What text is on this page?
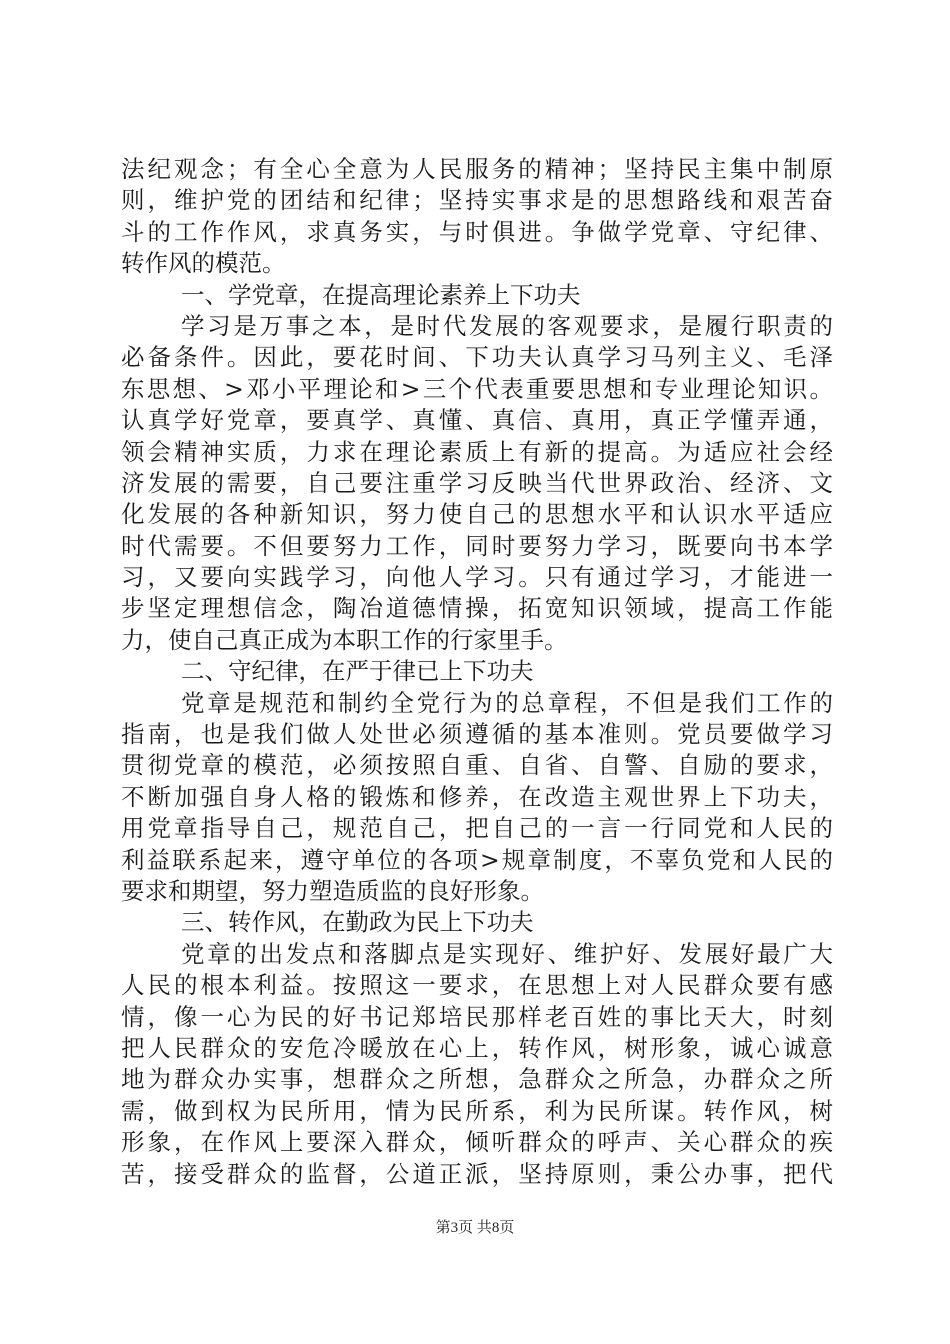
法纪观念；有全心全意为人民服务的精神；坚持民主集中制原
则，维护党的团结和纪律；坚持实事求是的思想路线和艰苦奋
斗的工作作风，求真务实，与时俱进。争做学党章、守纪律、
转作风的模范。
一、学党章，在提高理论素养上下功夫
学习是万事之本，是时代发展的客观要求，是履行职责的
必备条件。因此，要花时间、下功夫认真学习马列主义、毛泽
东思想、>邓小平理论和>三个代表重要思想和专业理论知识。
认真学好党章，要真学、真懂、真信、真用，真正学懂弄通，
领会精神实质，力求在理论素质上有新的提高。为适应社会经
济发展的需要，自己要注重学习反映当代世界政治、经济、文
化发展的各种新知识，努力使自己的思想水平和认识水平适应
时代需要。不但要努力工作，同时要努力学习，既要向书本学
习，又要向实践学习，向他人学习。只有通过学习，才能进一
步坚定理想信念，陶冶道德情操，拓宽知识领域，提高工作能
力，使自己真正成为本职工作的行家里手。
二、守纪律，在严于律已上下功夫
党章是规范和制约全党行为的总章程，不但是我们工作的
指南，也是我们做人处世必须遵循的基本准则。党员要做学习
贯彻党章的模范，必须按照自重、自省、自警、自励的要求，
不断加强自身人格的锻炼和修养，在改造主观世界上下功夫，
用党章指导自己，规范自己，把自己的一言一行同党和人民的
利益联系起来，遵守单位的各项>规章制度，不辜负党和人民的
要求和期望，努力塑造质监的良好形象。
三、转作风，在勤政为民上下功夫
党章的出发点和落脚点是实现好、维护好、发展好最广大
人民的根本利益。按照这一要求，在思想上对人民群众要有感
情，像一心为民的好书记郑培民那样老百姓的事比天大，时刻
把人民群众的安危冷暖放在心上，转作风，树形象，诚心诚意
地为群众办实事，想群众之所想，急群众之所急，办群众之所
需，做到权为民所用，情为民所系，利为民所谋。转作风，树
形象，在作风上要深入群众，倾听群众的呼声、关心群众的疾
苦，接受群众的监督，公道正派，坚持原则，秉公办事，把代
第3页 共8页
